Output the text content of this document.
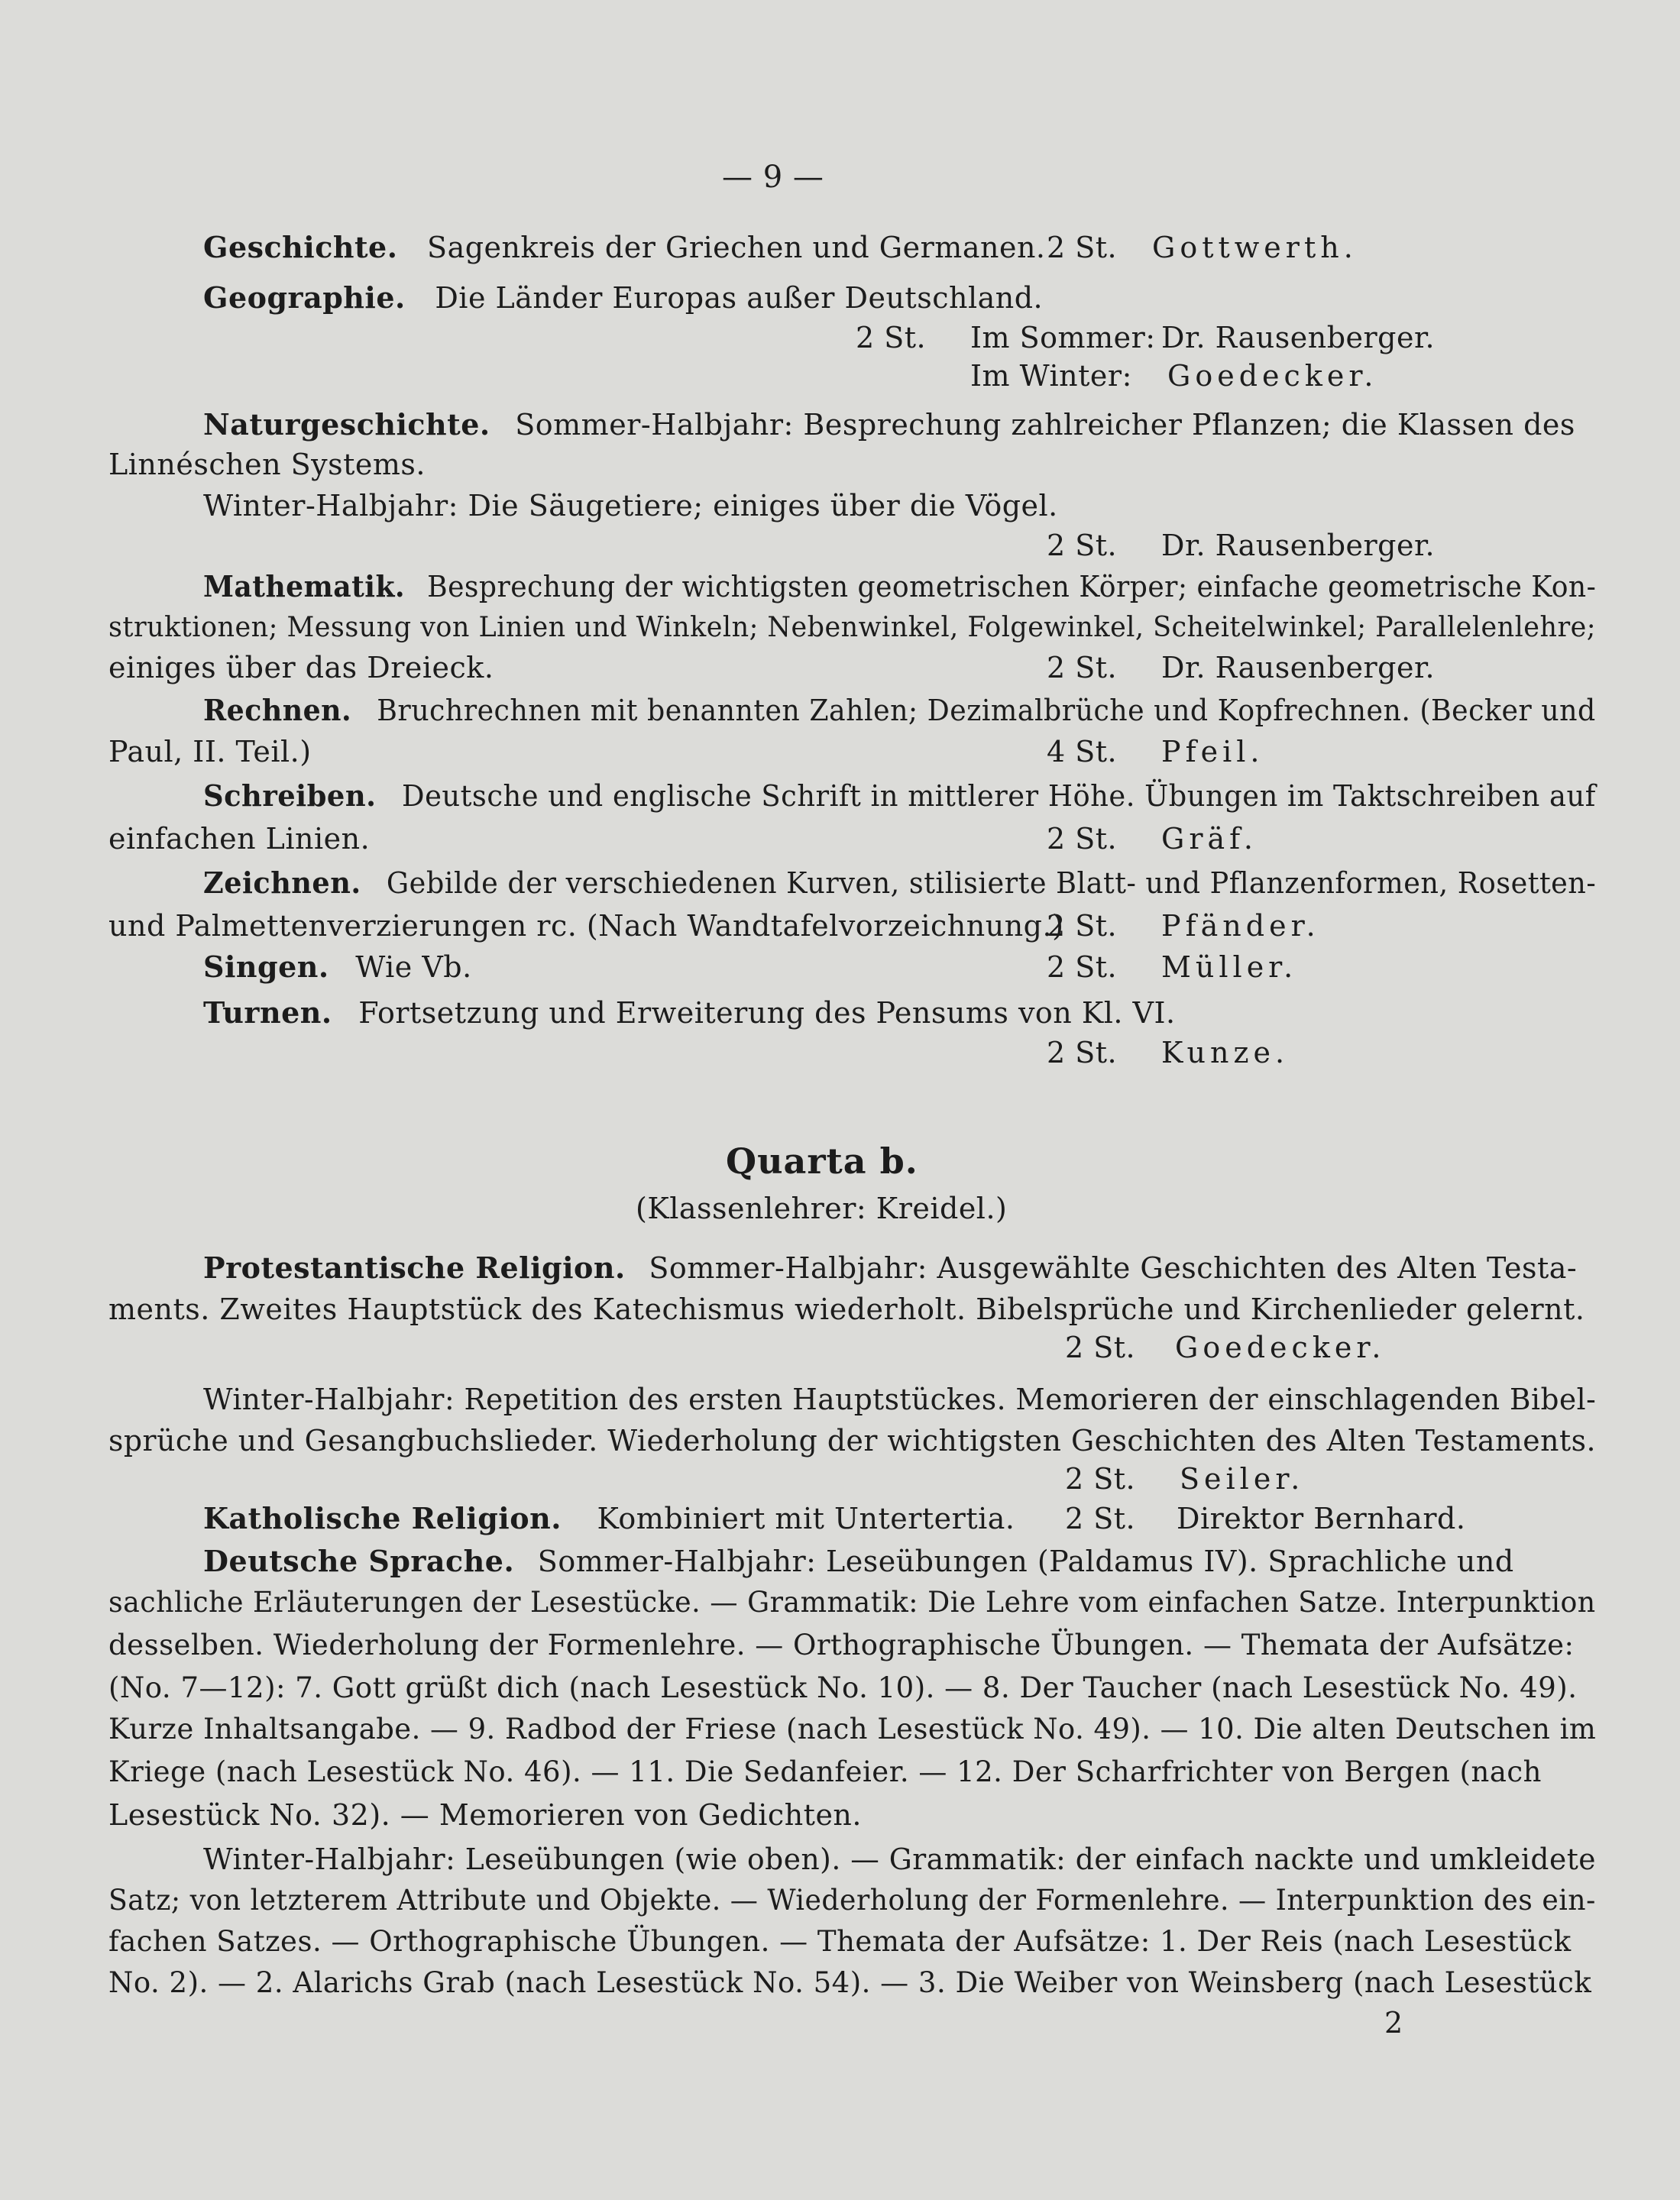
— 9 —
Geschichte. Sagenkreis der Griechen und Germanen. 2 St. Gottwerth.
Geographie. Die Länder Europas außer Deutschland.
2 St. Im Sommer: Dr. Rausenberger.
Im Winter: Goedecker.
Naturgeschichte. Sommer-Halbjahr: Besprechung zahlreicher Pflanzen; die Klassen des
Linnéschen Systems.
Winter-Halbjahr: Die Säugetiere; einiges über die Vögel.
2 St. Dr. Rausenberger.
Mathematik. Besprechung der wichtigsten geometrischen Körper; einfache geometrische Kon-
struktionen; Messung von Linien und Winkeln; Nebenwinkel, Folgewinkel, Scheitelwinkel; Parallelenlehre;
einiges über das Dreieck.	2 St. Dr. Rausenberger.
Rechnen. Bruchrechnen mit benannten Zahlen; Dezimalbrüche und Kopfrechnen. (Becker und
Paul, II. Teil.)	4 St. Pfeil.
Schreiben. Deutsche und englische Schrift in mittlerer Höhe. Übungen im Taktschreiben auf
einfachen Linien.	2 St. Gräf.
Zeichnen. Gebilde der verschiedenen Kurven, stilisierte Blatt- und Pflanzenformen, Rosetten-
und Palmettenverzierungen rc. (Nach Wandtafelvorzeichnung.)
2 St. Pfänder.
Singen. Wie Vb.	2 St. Müller.
Turnen. Fortsetzung und Erweiterung des Pensums von Kl. VI.
2 St. Kunze.
Quarta b.
(Klassenlehrer: Kreidel.)
Protestantische Religion. Sommer-Halbjahr: Ausgewählte Geschichten des Alten Testa-
ments. Zweites Hauptstück des Katechismus wiederholt. Bibelsprüche und Kirchenlieder gelernt.
2 St. Goedecker.
Winter-Halbjahr: Repetition des ersten Hauptstückes. Memorieren der einschlagenden Bibel-
sprüche und Gesangbuchslieder. Wiederholung der wichtigsten Geschichten des Alten Testaments.
2 St. Seiler.
Katholische Religion. Kombiniert mit Untertertia. 2 St. Direktor Bernhard.
Deutsche Sprache. Sommer-Halbjahr: Leseübungen (Paldamus IV). Sprachliche und
sachliche Erläuterungen der Lesestücke. — Grammatik: Die Lehre vom einfachen Satze. Interpunktion
desselben. Wiederholung der Formenlehre. — Orthographische Übungen. — Themata der Aufsätze:
(No. 7—12): 7. Gott grüßt dich (nach Lesestück No. 10). — 8. Der Taucher (nach Lesestück No. 49).
Kurze Inhaltsangabe. — 9. Radbod der Friese (nach Lesestück No. 49). — 10. Die alten Deutschen im
Kriege (nach Lesestück No. 46). — 11. Die Sedanfeier. — 12. Der Scharfrichter von Bergen (nach
Lesestück No. 32). — Memorieren von Gedichten.
Winter-Halbjahr: Leseübungen (wie oben). — Grammatik: der einfach nackte und umkleidete
Satz; von letzterem Attribute und Objekte. — Wiederholung der Formenlehre. — Interpunktion des ein-
fachen Satzes. — Orthographische Übungen. — Themata der Aufsätze: 1. Der Reis (nach Lesestück
No. 2). — 2. Alarichs Grab (nach Lesestück No. 54). — 3. Die Weiber von Weinsberg (nach Lesestück
2
